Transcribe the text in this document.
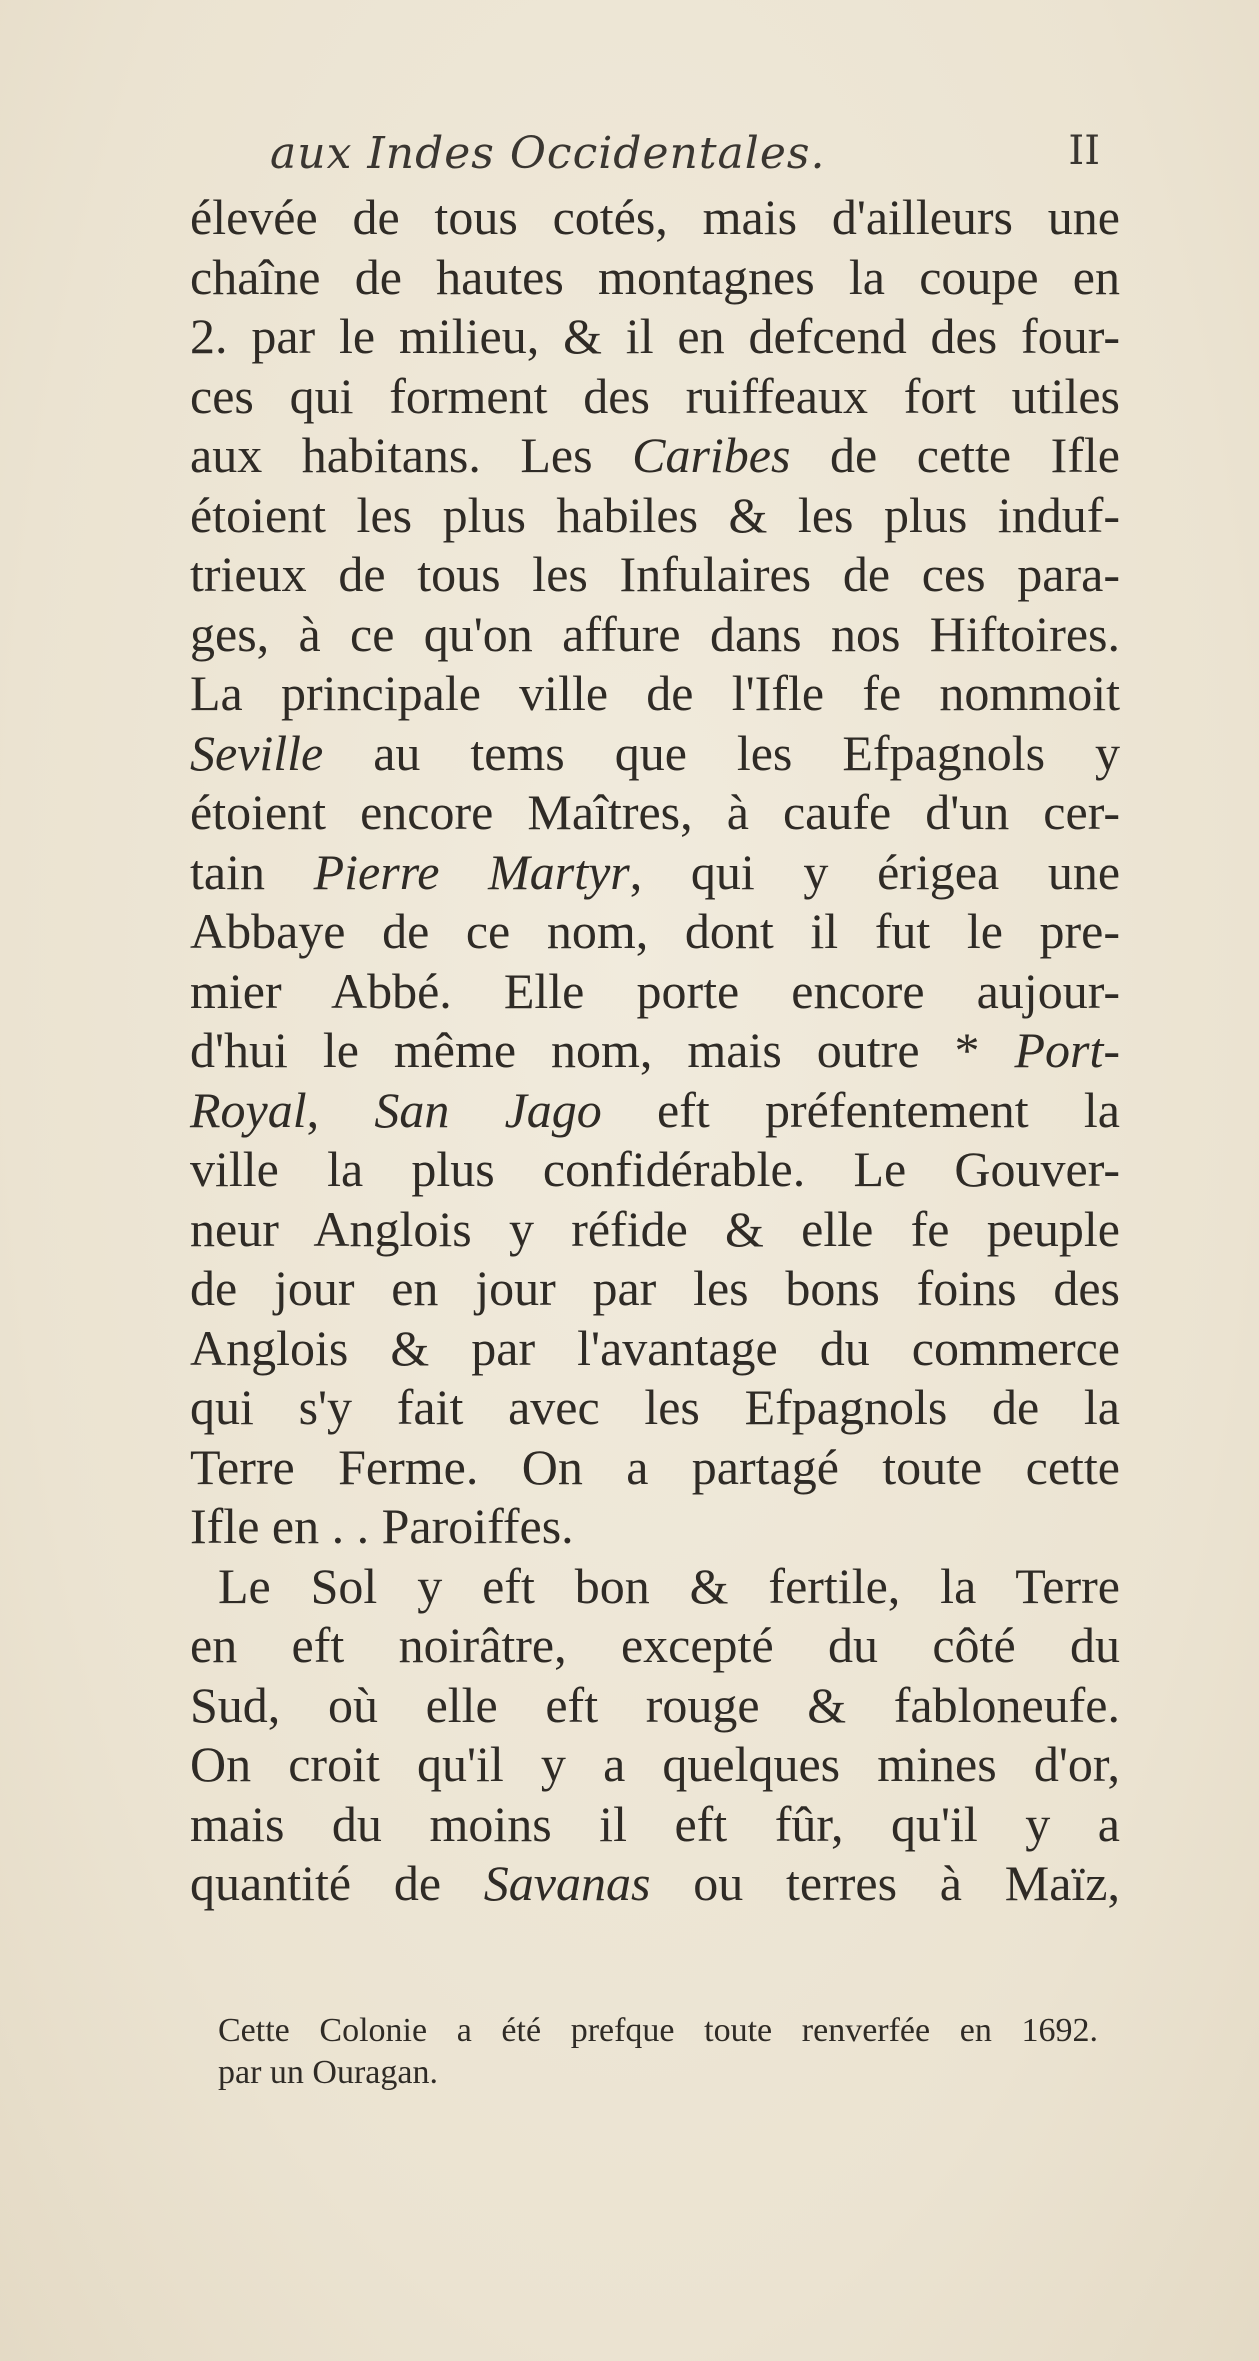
aux Indes Occidentales.	II
élevée de tous cotés, mais d'ailleurs une
chaîne de hautes montagnes la coupe en
2. par le milieu, & il en defcend des four-
ces qui forment des ruiffeaux fort utiles
aux habitans. Les Caribes de cette Ifle
étoient les plus habiles & les plus induf-
trieux de tous les Infulaires de ces para-
ges, à ce qu'on affure dans nos Hiftoires.
La principale ville de l'Ifle fe nommoit
Seville au tems que les Efpagnols y
étoient encore Maîtres, à caufe d'un cer-
tain Pierre Martyr, qui y érigea une
Abbaye de ce nom, dont il fut le pre-
mier Abbé. Elle porte encore aujour-
d'hui le même nom, mais outre * Port-
Royal, San Jago eft préfentement la
ville la plus confidérable. Le Gouver-
neur Anglois y réfide & elle fe peuple
de jour en jour par les bons foins des
Anglois & par l'avantage du commerce
qui s'y fait avec les Efpagnols de la
Terre Ferme. On a partagé toute cette
Ifle en . . Paroiffes.
Le Sol y eft bon & fertile, la Terre
en eft noirâtre, excepté du côté du
Sud, où elle eft rouge & fabloneufe.
On croit qu'il y a quelques mines d'or,
mais du moins il eft fûr, qu'il y a
quantité de Savanas ou terres à Maïz,
Cette Colonie a été prefque toute renverfée en 1692.
par un Ouragan.
